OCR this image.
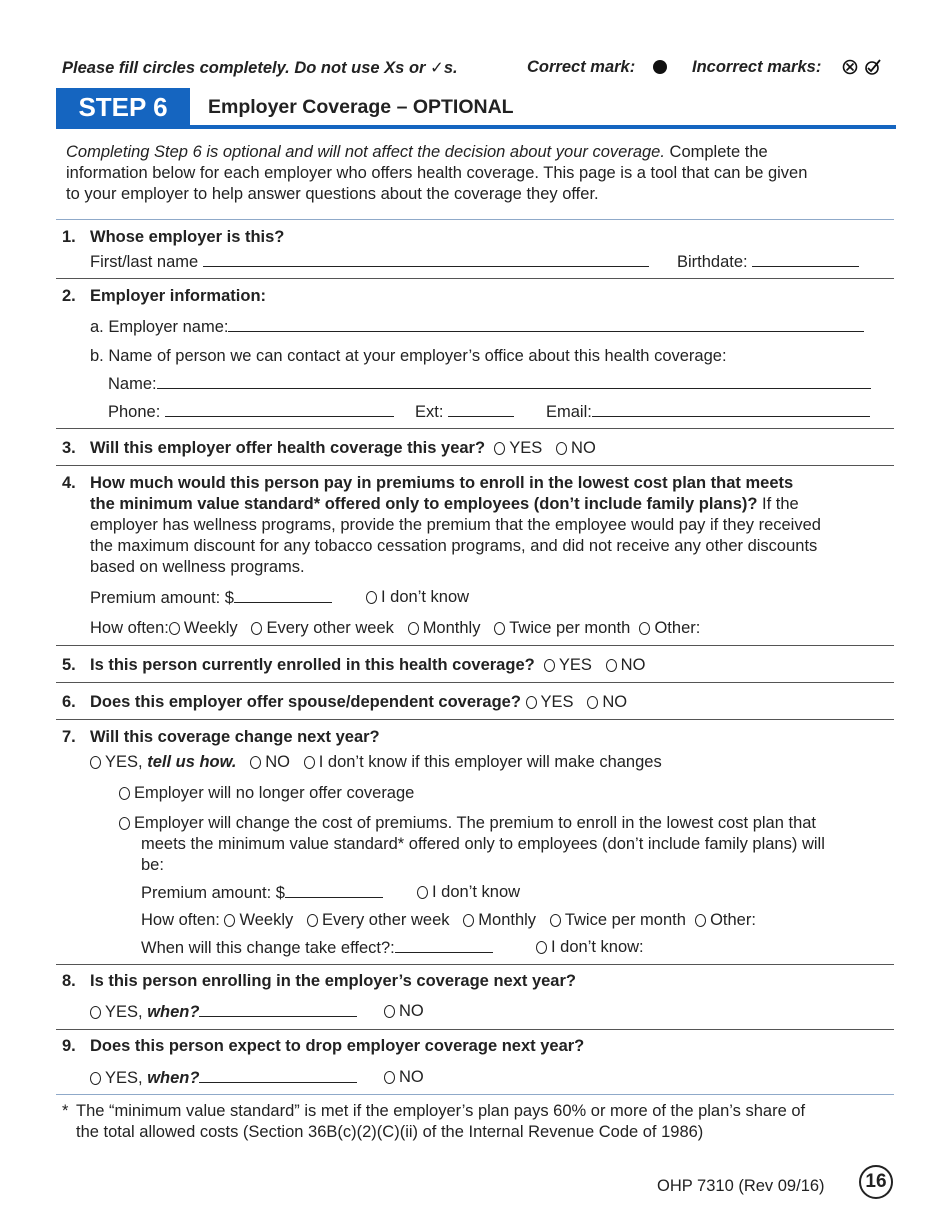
Please fill circles completely. Do not use Xs or ✓s.	Correct mark:	Incorrect marks:
STEP 6	Employer Coverage – OPTIONAL
Completing Step 6 is optional and will not affect the decision about your coverage. Complete the
information below for each employer who offers health coverage. This page is a tool that can be given
to your employer to help answer questions about the coverage they offer.
1. Whose employer is this?
First/last name	Birthdate:
2. Employer information:
a. Employer name:
b. Name of person we can contact at your employer’s office about this health coverage:
Name:
Phone:	Ext:	Email:
3. Will this employer offer health coverage this year? YES NO
4. How much would this person pay in premiums to enroll in the lowest cost plan that meets
the minimum value standard* offered only to employees (don’t include family plans)? If the
employer has wellness programs, provide the premium that the employee would pay if they received
the maximum discount for any tobacco cessation programs, and did not receive any other discounts
based on wellness programs.
Premium amount: $	I don’t know
How often: Weekly Every other week Monthly Twice per month Other:
5. Is this person currently enrolled in this health coverage? YES NO
6. Does this employer offer spouse/dependent coverage? YES NO
7. Will this coverage change next year?
YES, tell us how. NO I don’t know if this employer will make changes
Employer will no longer offer coverage
Employer will change the cost of premiums. The premium to enroll in the lowest cost plan that
meets the minimum value standard* offered only to employees (don’t include family plans) will
be:
Premium amount: $	I don’t know
How often: Weekly Every other week Monthly Twice per month Other:
When will this change take effect?:	I don’t know:
8. Is this person enrolling in the employer’s coverage next year?
YES, when?	NO
9. Does this person expect to drop employer coverage next year?
YES, when?	NO
* The “minimum value standard” is met if the employer’s plan pays 60% or more of the plan’s share of
the total allowed costs (Section 36B(c)(2)(C)(ii) of the Internal Revenue Code of 1986)
OHP 7310 (Rev 09/16)	16
